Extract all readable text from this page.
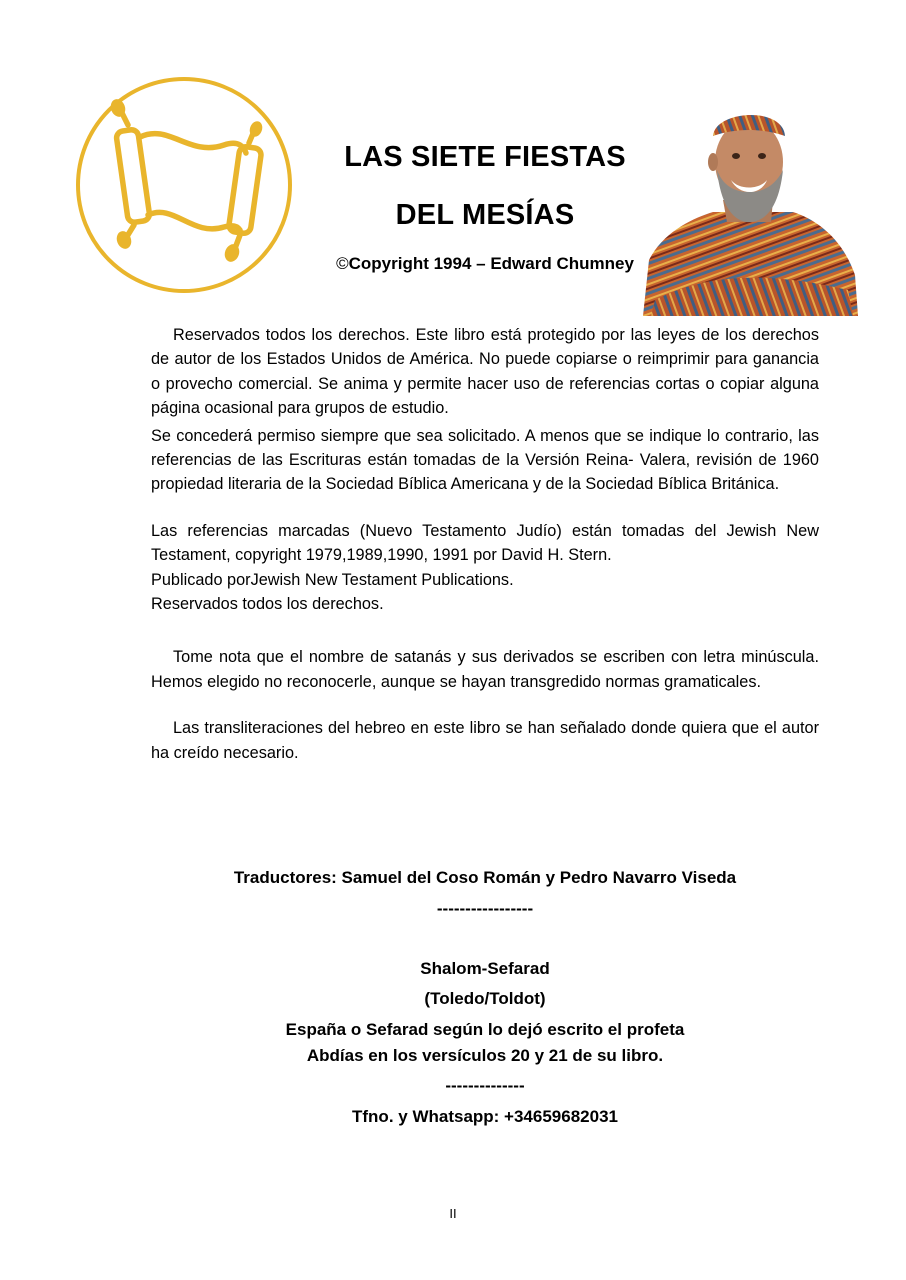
LAS SIETE FIESTAS
DEL MESÍAS
©Copyright 1994 – Edward Chumney

Reservados todos los derechos. Este libro está protegido por las leyes de los derechos de autor de los Estados Unidos de América. No puede copiarse o reimprimir para ganancia o provecho comercial. Se anima y permite hacer uso de referencias cortas o copiar alguna página ocasional para grupos de estudio.

Se concederá permiso siempre que sea solicitado. A menos que se indique lo contrario, las referencias de las Escrituras están tomadas de la Versión Reina- Valera, revisión de 1960 propiedad literaria de la Sociedad Bíblica Americana y de la Sociedad Bíblica Británica.

Las referencias marcadas (Nuevo Testamento Judío) están tomadas del Jewish New Testament, copyright 1979,1989,1990, 1991 por David H. Stern.

Publicado porJewish New Testament Publications.

Reservados todos los derechos.

Tome nota que el nombre de satanás y sus derivados se escriben con letra minúscula. Hemos elegido no reconocerle, aunque se hayan transgredido normas gramaticales.

Las transliteraciones del hebreo en este libro se han señalado donde quiera que el autor ha creído necesario.

Traductores: Samuel del Coso Román y Pedro Navarro Viseda
-----------------
Shalom-Sefarad
(Toledo/Toldot)
España o Sefarad según lo dejó escrito el profeta
Abdías en los versículos 20 y 21 de su libro.
--------------
Tfno. y Whatsapp: +34659682031
II
